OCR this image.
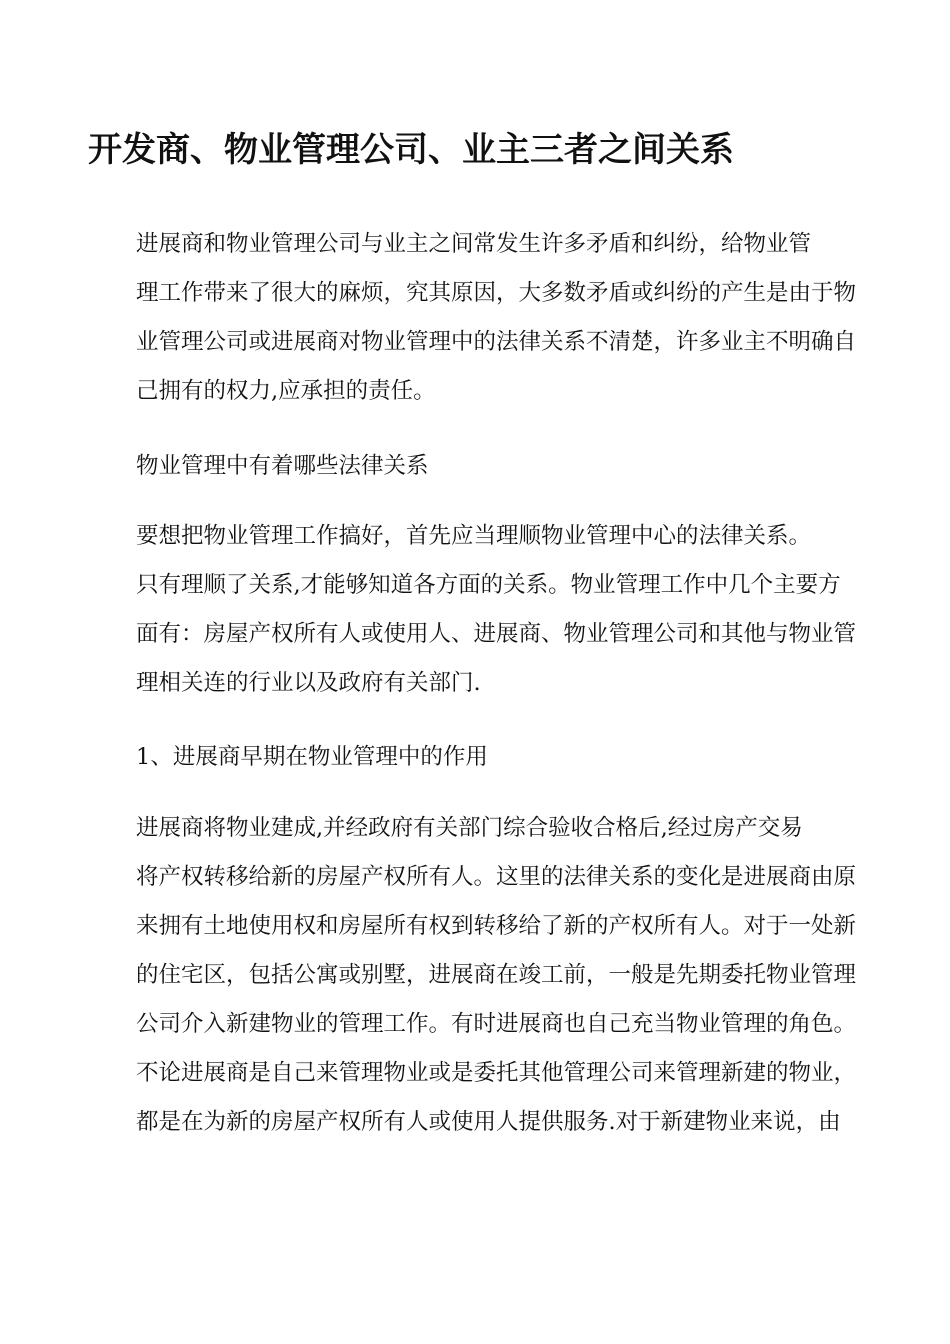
开发商、物业管理公司、业主三者之间关系

进展商和物业管理公司与业主之间常发生许多矛盾和纠纷，给物业管
理工作带来了很大的麻烦，究其原因，大多数矛盾或纠纷的产生是由于物
业管理公司或进展商对物业管理中的法律关系不清楚，许多业主不明确自
己拥有的权力,应承担的责任。

物业管理中有着哪些法律关系

要想把物业管理工作搞好，首先应当理顺物业管理中心的法律关系。
只有理顺了关系,才能够知道各方面的关系。物业管理工作中几个主要方
面有：房屋产权所有人或使用人、进展商、物业管理公司和其他与物业管
理相关连的行业以及政府有关部门.

1、进展商早期在物业管理中的作用

进展商将物业建成,并经政府有关部门综合验收合格后,经过房产交易
将产权转移给新的房屋产权所有人。这里的法律关系的变化是进展商由原
来拥有土地使用权和房屋所有权到转移给了新的产权所有人。对于一处新
的住宅区，包括公寓或别墅，进展商在竣工前，一般是先期委托物业管理
公司介入新建物业的管理工作。有时进展商也自己充当物业管理的角色。
不论进展商是自己来管理物业或是委托其他管理公司来管理新建的物业，
都是在为新的房屋产权所有人或使用人提供服务.对于新建物业来说，由
